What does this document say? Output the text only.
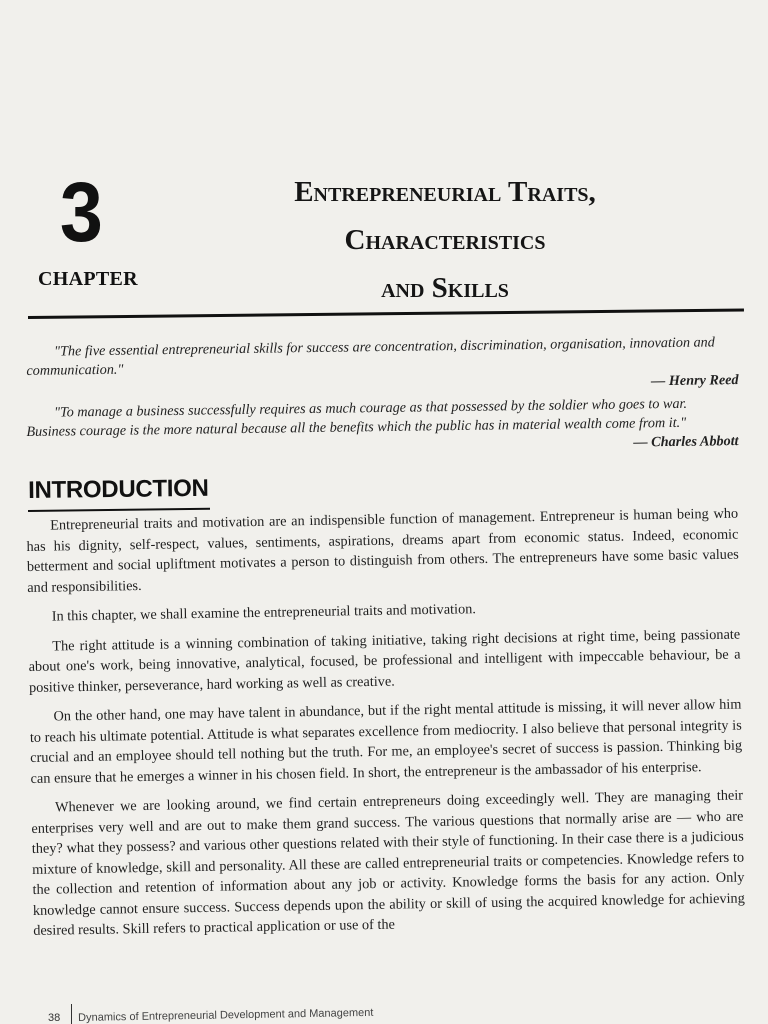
3
CHAPTER
Entrepreneurial Traits,
Characteristics
and Skills
"The five essential entrepreneurial skills for success are concentration, discrimination, organisation, innovation and communication."
— Henry Reed
"To manage a business successfully requires as much courage as that possessed by the soldier who goes to war. Business courage is the more natural because all the benefits which the public has in material wealth come from it."
— Charles Abbott
INTRODUCTION

Entrepreneurial traits and motivation are an indispensible function of management. Entrepreneur is human being who has his dignity, self-respect, values, sentiments, aspirations, dreams apart from economic status. Indeed, economic betterment and social upliftment motivates a person to distinguish from others. The entrepreneurs have some basic values and responsibilities.

In this chapter, we shall examine the entrepreneurial traits and motivation.

The right attitude is a winning combination of taking initiative, taking right decisions at right time, being passionate about one's work, being innovative, analytical, focused, be professional and intelligent with impeccable behaviour, be a positive thinker, perseverance, hard working as well as creative.

On the other hand, one may have talent in abundance, but if the right mental attitude is missing, it will never allow him to reach his ultimate potential. Attitude is what separates excellence from mediocrity. I also believe that personal integrity is crucial and an employee should tell nothing but the truth. For me, an employee's secret of success is passion. Thinking big can ensure that he emerges a winner in his chosen field. In short, the entrepreneur is the ambassador of his enterprise.

Whenever we are looking around, we find certain entrepreneurs doing exceedingly well. They are managing their enterprises very well and are out to make them grand success. The various questions that normally arise are — who are they? what they possess? and various other questions related with their style of functioning. In their case there is a judicious mixture of knowledge, skill and personality. All these are called entrepreneurial traits or competencies. Knowledge refers to the collection and retention of information about any job or activity. Knowledge forms the basis for any action. Only knowledge cannot ensure success. Success depends upon the ability or skill of using the acquired knowledge for achieving desired results. Skill refers to practical application or use of the

38 Dynamics of Entrepreneurial Development and Management
